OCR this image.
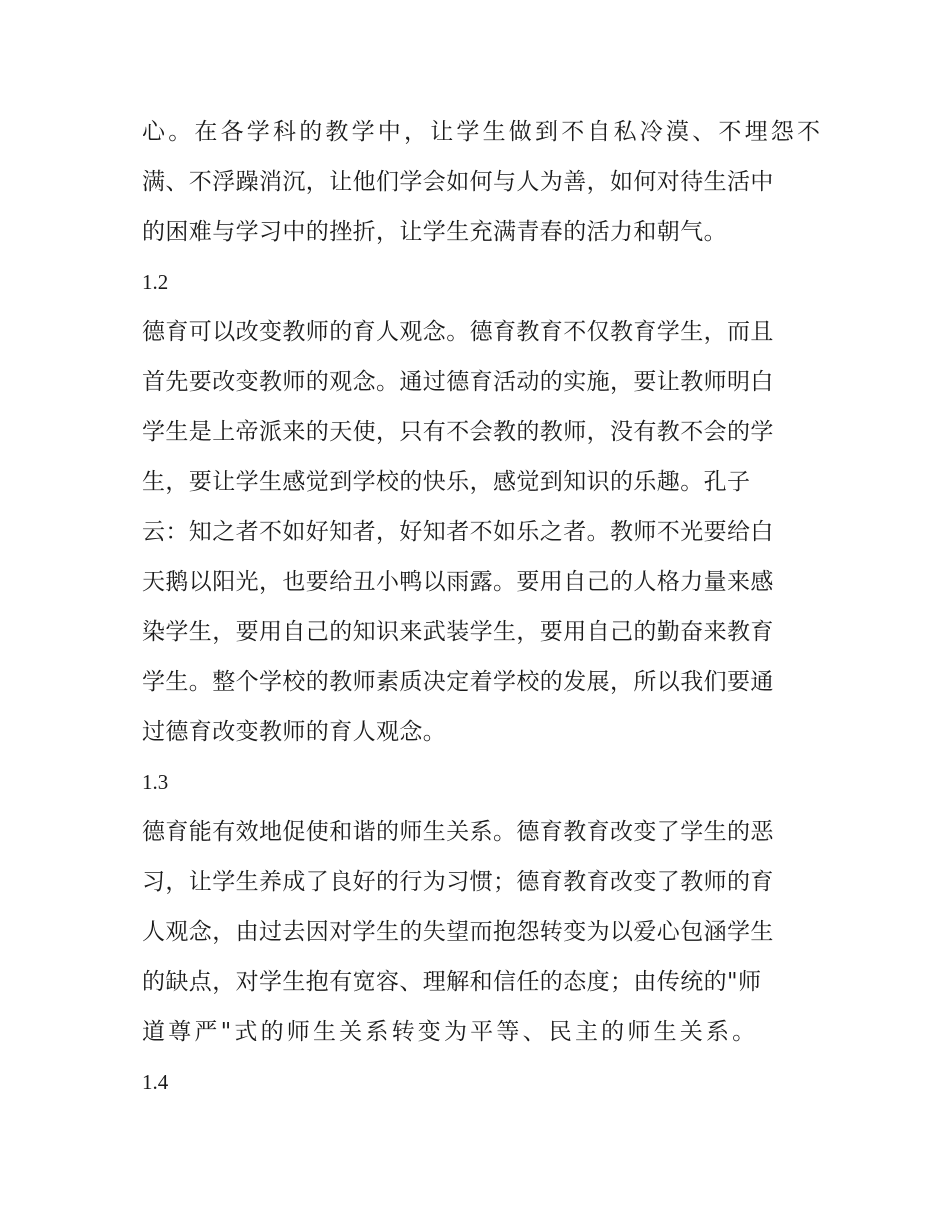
心。在各学科的教学中，让学生做到不自私冷漠、不埋怨不
满、不浮躁消沉，让他们学会如何与人为善，如何对待生活中
的困难与学习中的挫折，让学生充满青春的活力和朝气。
1.2
德育可以改变教师的育人观念。德育教育不仅教育学生，而且
首先要改变教师的观念。通过德育活动的实施，要让教师明白
学生是上帝派来的天使，只有不会教的教师，没有教不会的学
生，要让学生感觉到学校的快乐，感觉到知识的乐趣。孔子
云：知之者不如好知者，好知者不如乐之者。教师不光要给白
天鹅以阳光，也要给丑小鸭以雨露。要用自己的人格力量来感
染学生，要用自己的知识来武装学生，要用自己的勤奋来教育
学生。整个学校的教师素质决定着学校的发展，所以我们要通
过德育改变教师的育人观念。
1.3
德育能有效地促使和谐的师生关系。德育教育改变了学生的恶
习，让学生养成了良好的行为习惯；德育教育改变了教师的育
人观念，由过去因对学生的失望而抱怨转变为以爱心包涵学生
的缺点，对学生抱有宽容、理解和信任的态度；由传统的"师
道尊严"式的师生关系转变为平等、民主的师生关系。
1.4
